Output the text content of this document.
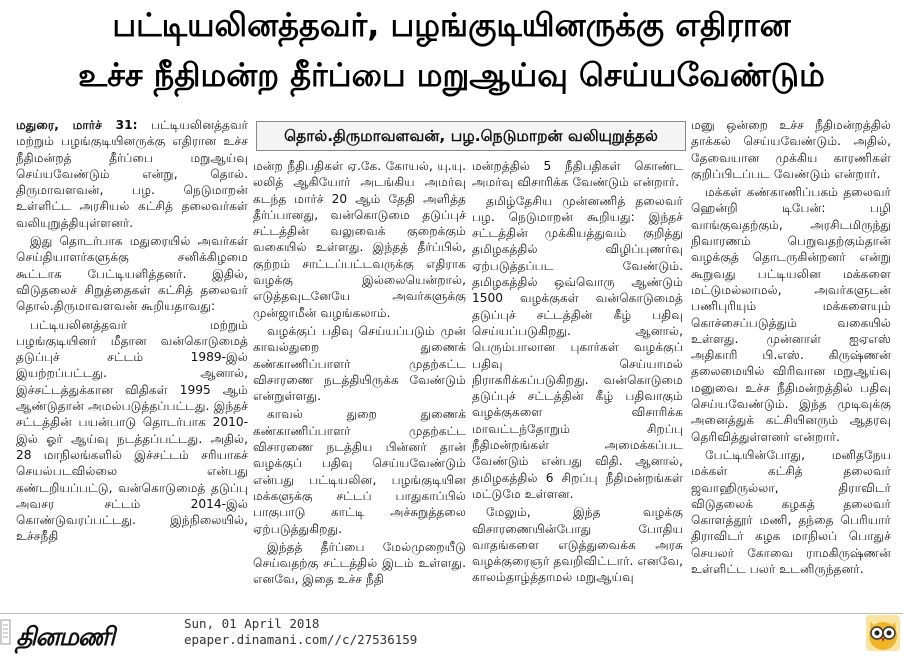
பட்டியலினத்தவர், பழங்குடியினருக்கு எதிரான
உச்ச நீதிமன்ற தீர்ப்பை மறுஆய்வு செய்யவேண்டும்
தொல்.திருமாவளவன், பழ.நெடுமாறன் வலியுறுத்தல்

மதுரை, மார்ச் 31: பட்டியலினத்தவர் மற்றும் பழங்குடியினருக்கு எதிரான உச்ச நீதிமன்றத் தீர்ப்பை மறுஆய்வு செய்யவேண்டும் என்று, தொல். திருமாவளவன், பழ. நெடுமாறன் உள்ளிட்ட அரசியல் கட்சித் தலைவர்கள் வலியுறுத்தியுள்ளனர்.

இது தொடர்பாக மதுரையில் அவர்கள் செய்தியாளர்களுக்கு சனிக்கிழமை கூட்டாக பேட்டியளித்தனர். இதில், விடுதலைச் சிறுத்தைகள் கட்சித் தலைவர் தொல்.திருமாவளவன் கூறியதாவது:

பட்டியலினத்தவர் மற்றும் பழங்குடியினர் மீதான வன்கொடுமைத் தடுப்புச் சட்டம் 1989-இல் இயற்றப்பட்டது. ஆனால், இச்சட்டத்துக்கான விதிகள் 1995 ஆம் ஆண்டுதான் அமல்படுத்தப்பட்டது. இந்தச் சட்டத்தின் பயன்பாடு தொடர்பாக 2010-இல் ஓர் ஆய்வு நடத்தப்பட்டது. அதில், 28 மாநிலங்களில் இச்சட்டம் சரியாகச் செயல்படவில்லை என்பது கண்டறியப்பட்டு, வன்கொடுமைத் தடுப்பு அவசர சட்டம் 2014-இல் கொண்டுவரப்பட்டது. இந்நிலையில், உச்சநீதி

மன்ற நீதிபதிகள் ஏ.கே. கோயல், யு.யு. லலித் ஆகியோர் அடங்கிய அமர்வு கடந்த மார்ச் 20 ஆம் தேதி அளித்த தீர்ப்பானது, வன்கொடுமை தடுப்புச் சட்டத்தின் வலுவைக் குறைக்கும் வகையில் உள்ளது. இந்தத் தீர்ப்பில், குற்றம் சாட்டப்பட்டவருக்கு எதிராக வழக்கு இல்லையென்றால், எடுத்தவுடனேயே அவர்களுக்கு முன்ஜாமீன் வழங்கலாம்.

வழக்குப் பதிவு செய்யப்படும் முன் காவல்துறை துணைக் கண்காணிப்பாளர் முதற்கட்ட விசாரணை நடத்தியிருக்க வேண்டும் என்றுள்ளது.

காவல் துறை துணைக் கண்காணிப்பாளர் முதற்கட்ட விசாரணை நடத்திய பின்னர் தான் வழக்குப் பதிவு செய்யவேண்டும் என்பது பட்டியலின, பழங்குடியின மக்களுக்கு சட்டப் பாதுகாப்பில் பாகுபாடு காட்டி அச்சுறுத்தலை ஏற்படுத்துகிறது.

இந்தத் தீர்ப்பை மேல்முறையீடு செய்வதற்கு சட்டத்தில் இடம் உள்ளது. எனவே, இதை உச்ச நீதி

மன்றத்தில் 5 நீதிபதிகள் கொண்ட அமர்வு விசாரிக்க வேண்டும் என்றார்.

தமிழ்தேசிய முன்னணித் தலைவர் பழ. நெடுமாறன் கூறியது: இந்தச் சட்டத்தின் முக்கியத்துவம் குறித்து தமிழகத்தில் விழிப்புணர்வு ஏற்படுத்தப்பட வேண்டும். தமிழகத்தில் ஒவ்வொரு ஆண்டும் 1500 வழக்குகள் வன்கொடுமைத் தடுப்புச் சட்டத்தின் கீழ் பதிவு செய்யப்படுகிறது. ஆனால், பெரும்பாலான புகார்கள் வழக்குப் பதிவு செய்யாமல் நிராகரிக்கப்படுகிறது. வன்கொடுமை தடுப்புச் சட்டத்தின் கீழ் பதிவாகும் வழக்குகளை விசாரிக்க மாவட்டந்தோறும் சிறப்பு நீதிமன்றங்கள் அமைக்கப்பட வேண்டும் என்பது விதி. ஆனால், தமிழகத்தில் 6 சிறப்பு நீதிமன்றங்கள் மட்டுமே உள்ளன.

மேலும், இந்த வழக்கு விசாரணையின்போது போதிய வாதங்களை எடுத்துவைக்க அரசு வழக்குரைஞர் தவறிவிட்டார். எனவே, காலம்தாழ்த்தாமல் மறுஆய்வு

மனு ஒன்றை உச்ச நீதிமன்றத்தில் தாக்கல் செய்யவேண்டும். அதில், தேவையான முக்கிய காரணிகள் குறிப்பிடப்பட வேண்டும் என்றார்.

மக்கள் கண்காணிப்பகம் தலைவர் ஹென்றி டிபேன்: பழி வாங்குவதற்கும், அரசிடமிருந்து நிவாரணம் பெறுவதற்கும்தான் வழக்குத் தொடருகின்றனர் என்று கூறுவது பட்டியலின மக்களை மட்டுமல்லாமல், அவர்களுடன் பணிபுரியும் மக்களையும் கொச்சைப்படுத்தும் வகையில் உள்ளது. முன்னாள் ஐஏஎஸ் அதிகாரி பி.எஸ். கிருஷ்ணன் தலைமையில் விரிவான மறுஆய்வு மனுவை உச்ச நீதிமன்றத்தில் பதிவு செய்யவேண்டும். இந்த முடிவுக்கு அனைத்துக் கட்சியினரும் ஆதரவு தெரிவித்துள்ளனர் என்றார்.

பேட்டியின்போது, மனிதநேய மக்கள் கட்சித் தலைவர் ஜவாஹிருல்லா, திராவிடர் விடுதலைக் கழகத் தலைவர் கொளத்தூர் மணி, தந்தை பெரியார் திராவிடர் கழக மாநிலப் பொதுச் செயலர் கோவை ராமகிருஷ்ணன் உள்ளிட்ட பலர் உடனிருந்தனர்.

தினமணி	Sun, 01 April 2018
epaper.dinamani.com//c/27536159
